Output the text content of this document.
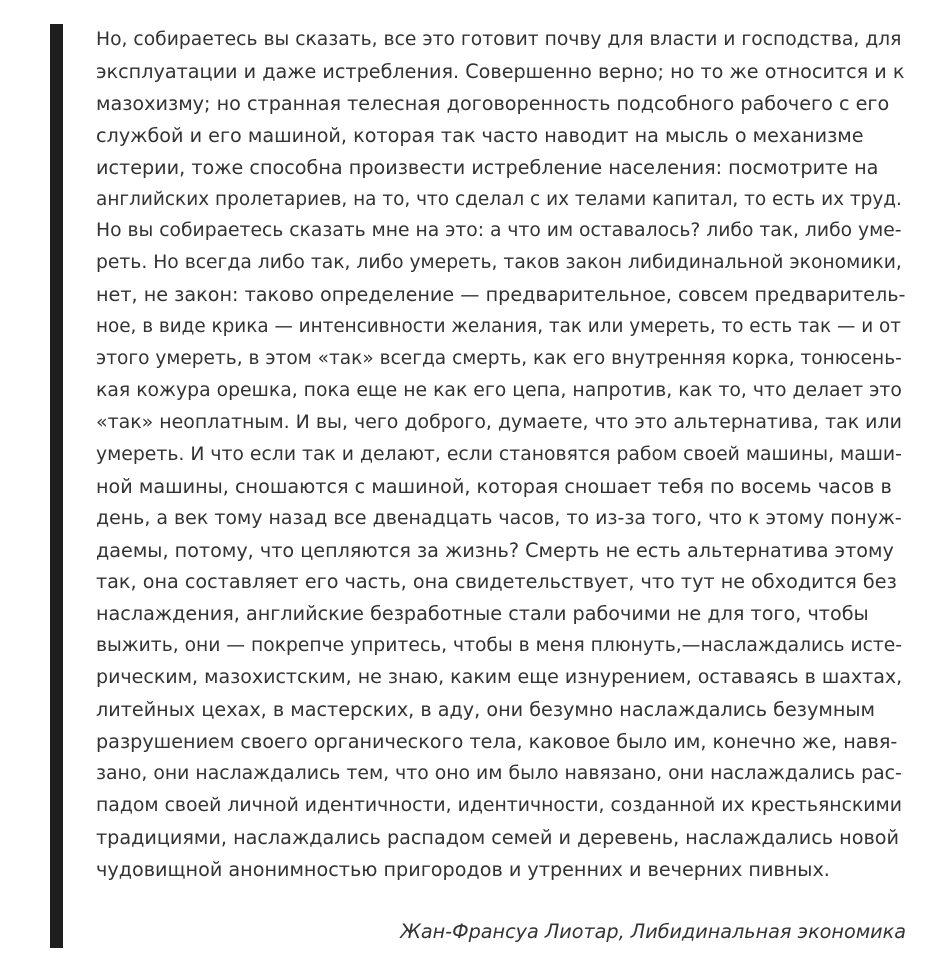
Но, собираетесь вы сказать, все это готовит почву для власти и господства, для
эксплуатации и даже истребления. Совершенно верно; но то же относится и к
мазохизму; но странная телесная договоренность подсобного рабочего с его
службой и его машиной, которая так часто наводит на мысль о механизме
истерии, тоже способна произвести истребление населения: посмотрите на
английских пролетариев, на то, что сделал с их телами капитал, то есть их труд.
Но вы собираетесь сказать мне на это: а что им оставалось? либо так, либо уме-
реть. Но всегда либо так, либо умереть, таков закон либидинальной экономики,
нет, не закон: таково определение — предварительное, совсем предваритель-
ное, в виде крика — интенсивности желания, так или умереть, то есть так — и от
этого умереть, в этом «так» всегда смерть, как его внутренняя корка, тонюсень-
кая кожура орешка, пока еще не как его цепа, напротив, как то, что делает это
«так» неоплатным. И вы, чего доброго, думаете, что это альтернатива, так или
умереть. И что если так и делают, если становятся рабом своей машины, маши-
ной машины, сношаются с машиной, которая сношает тебя по восемь часов в
день, а век тому назад все двенадцать часов, то из-за того, что к этому понуж-
даемы, потому, что цепляются за жизнь? Смерть не есть альтернатива этому
так, она составляет его часть, она свидетельствует, что тут не обходится без
наслаждения, английские безработные стали рабочими не для того, чтобы
выжить, они — покрепче упритесь, чтобы в меня плюнуть,—наслаждались исте-
рическим, мазохистским, не знаю, каким еще изнурением, оставаясь в шахтах,
литейных цехах, в мастерских, в аду, они безумно наслаждались безумным
разрушением своего органического тела, каковое было им, конечно же, навя-
зано, они наслаждались тем, что оно им было навязано, они наслаждались рас-
падом своей личной идентичности, идентичности, созданной их крестьянскими
традициями, наслаждались распадом семей и деревень, наслаждались новой
чудовищной анонимностью пригородов и утренних и вечерних пивных.

Жан-Франсуа Лиотар, Либидинальная экономика
